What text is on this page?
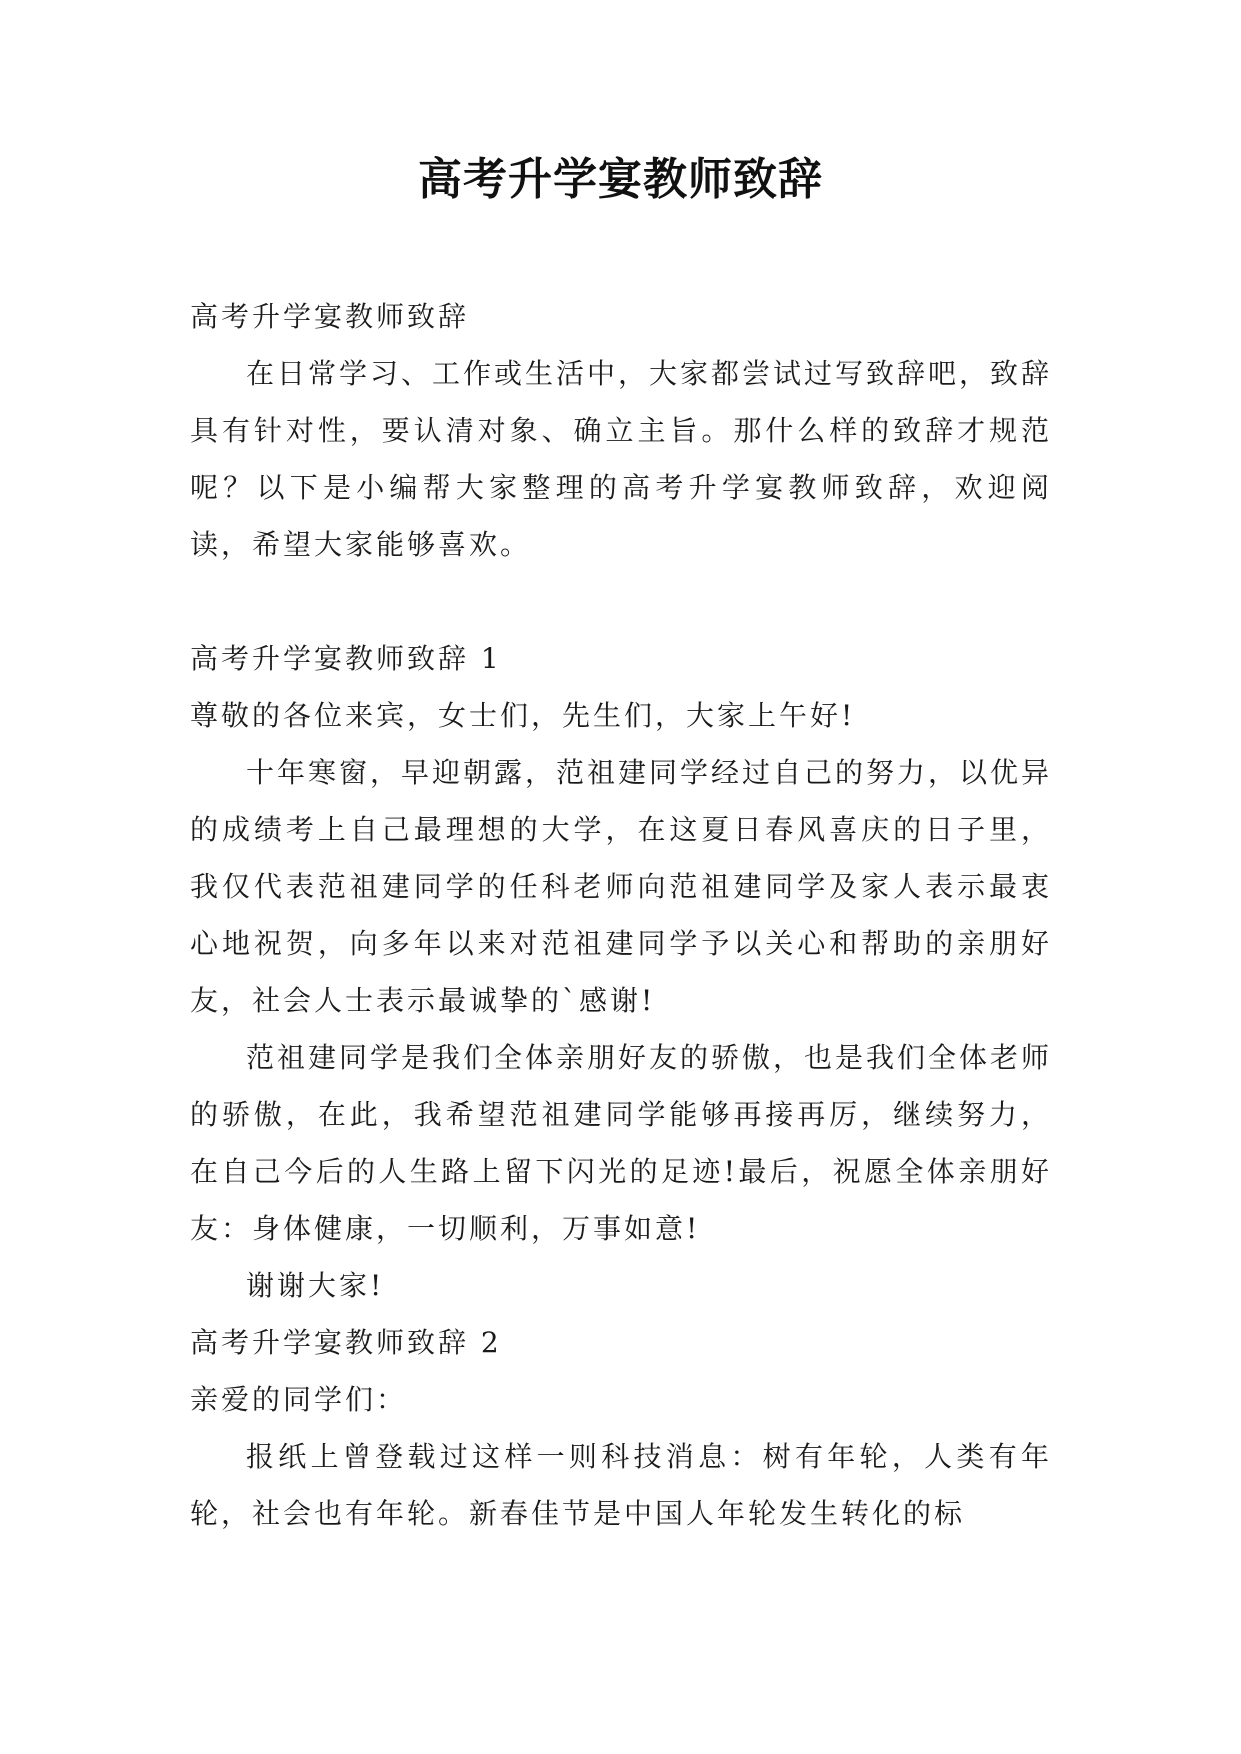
高考升学宴教师致辞

高考升学宴教师致辞

在日常学习、工作或生活中，大家都尝试过写致辞吧，致辞具有针对性，要认清对象、确立主旨。那什么样的致辞才规范呢？以下是小编帮大家整理的高考升学宴教师致辞，欢迎阅读，希望大家能够喜欢。

高考升学宴教师致辞 1

尊敬的各位来宾，女士们，先生们，大家上午好!

十年寒窗，早迎朝露，范祖建同学经过自己的努力，以优异的成绩考上自己最理想的大学，在这夏日春风喜庆的日子里，我仅代表范祖建同学的任科老师向范祖建同学及家人表示最衷心地祝贺，向多年以来对范祖建同学予以关心和帮助的亲朋好友，社会人士表示最诚挚的`感谢!

范祖建同学是我们全体亲朋好友的骄傲，也是我们全体老师的骄傲，在此，我希望范祖建同学能够再接再厉，继续努力，在自己今后的人生路上留下闪光的足迹!最后，祝愿全体亲朋好友：身体健康，一切顺利，万事如意!

谢谢大家!

高考升学宴教师致辞 2

亲爱的同学们：

报纸上曾登载过这样一则科技消息：树有年轮，人类有年轮，社会也有年轮。新春佳节是中国人年轮发生转化的标
